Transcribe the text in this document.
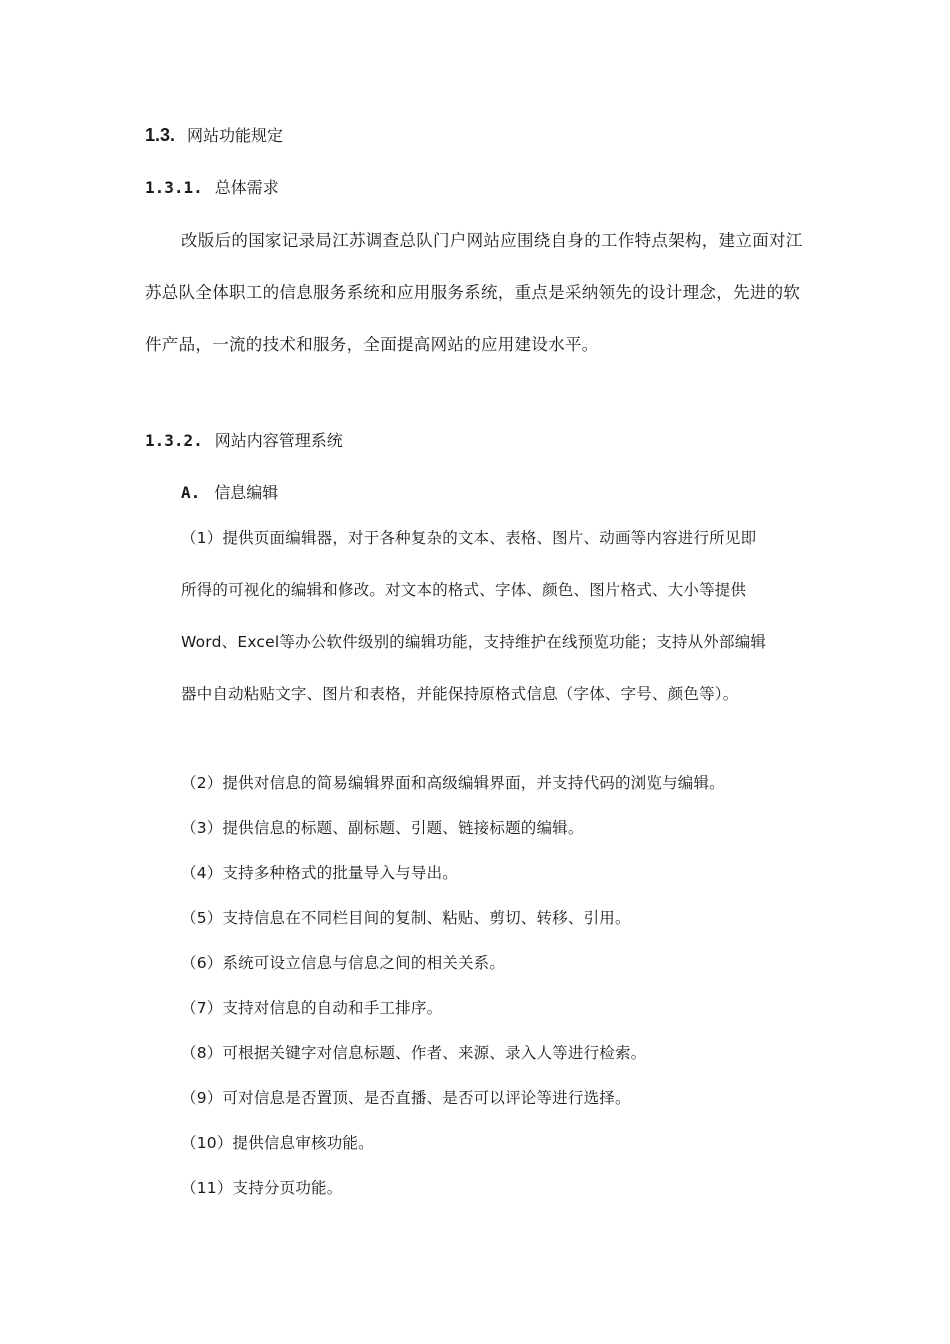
1.3. 网站功能规定
1.3.1. 总体需求
改版后的国家记录局江苏调查总队门户网站应围绕自身的工作特点架构，建立面对江
苏总队全体职工的信息服务系统和应用服务系统，重点是采纳领先的设计理念，先进的软
件产品，一流的技术和服务，全面提高网站的应用建设水平。
1.3.2. 网站内容管理系统
A. 信息编辑
（1）提供页面编辑器，对于各种复杂的文本、表格、图片、动画等内容进行所见即
所得的可视化的编辑和修改。对文本的格式、字体、颜色、图片格式、大小等提供
Word、Excel等办公软件级别的编辑功能，支持维护在线预览功能；支持从外部编辑
器中自动粘贴文字、图片和表格，并能保持原格式信息（字体、字号、颜色等）。
（2）提供对信息的简易编辑界面和高级编辑界面，并支持代码的浏览与编辑。
（3）提供信息的标题、副标题、引题、链接标题的编辑。
（4）支持多种格式的批量导入与导出。
（5）支持信息在不同栏目间的复制、粘贴、剪切、转移、引用。
（6）系统可设立信息与信息之间的相关关系。
（7）支持对信息的自动和手工排序。
（8）可根据关键字对信息标题、作者、来源、录入人等进行检索。
（9）可对信息是否置顶、是否直播、是否可以评论等进行选择。
（10）提供信息审核功能。
（11）支持分页功能。
